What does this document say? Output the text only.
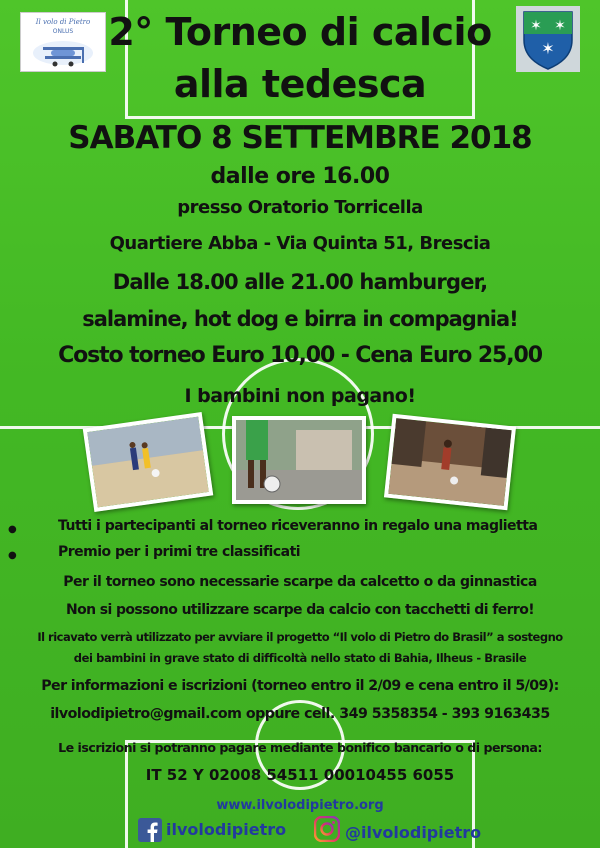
Il volo di Pietro
ONLUS	✶ ✶
✶
2° Torneo di calcio
alla tedesca
SABATO 8 SETTEMBRE 2018
dalle ore 16.00
presso Oratorio Torricella
Quartiere Abba - Via Quinta 51, Brescia
Dalle 18.00 alle 21.00 hamburger,
salamine, hot dog e birra in compagnia!
Costo torneo Euro 10,00 - Cena Euro 25,00
I bambini non pagano!
●	Tutti i partecipanti al torneo riceveranno in regalo una maglietta
●	Premio per i primi tre classificati
Per il torneo sono necessarie scarpe da calcetto o da ginnastica
Non si possono utilizzare scarpe da calcio con tacchetti di ferro!
Il ricavato verrà utilizzato per avviare il progetto “Il volo di Pietro do Brasil” a sostegno
dei bambini in grave stato di difficoltà nello stato di Bahia, Ilheus - Brasile
Per informazioni e iscrizioni (torneo entro il 2/09 e cena entro il 5/09):
ilvolodipietro@gmail.com oppure cell. 349 5358354 - 393 9163435
Le iscrizioni si potranno pagare mediante bonifico bancario o di persona:
IT 52 Y 02008 54511 00010455 6055
www.ilvolodipietro.org
ilvolodipietro	@ilvolodipietro
